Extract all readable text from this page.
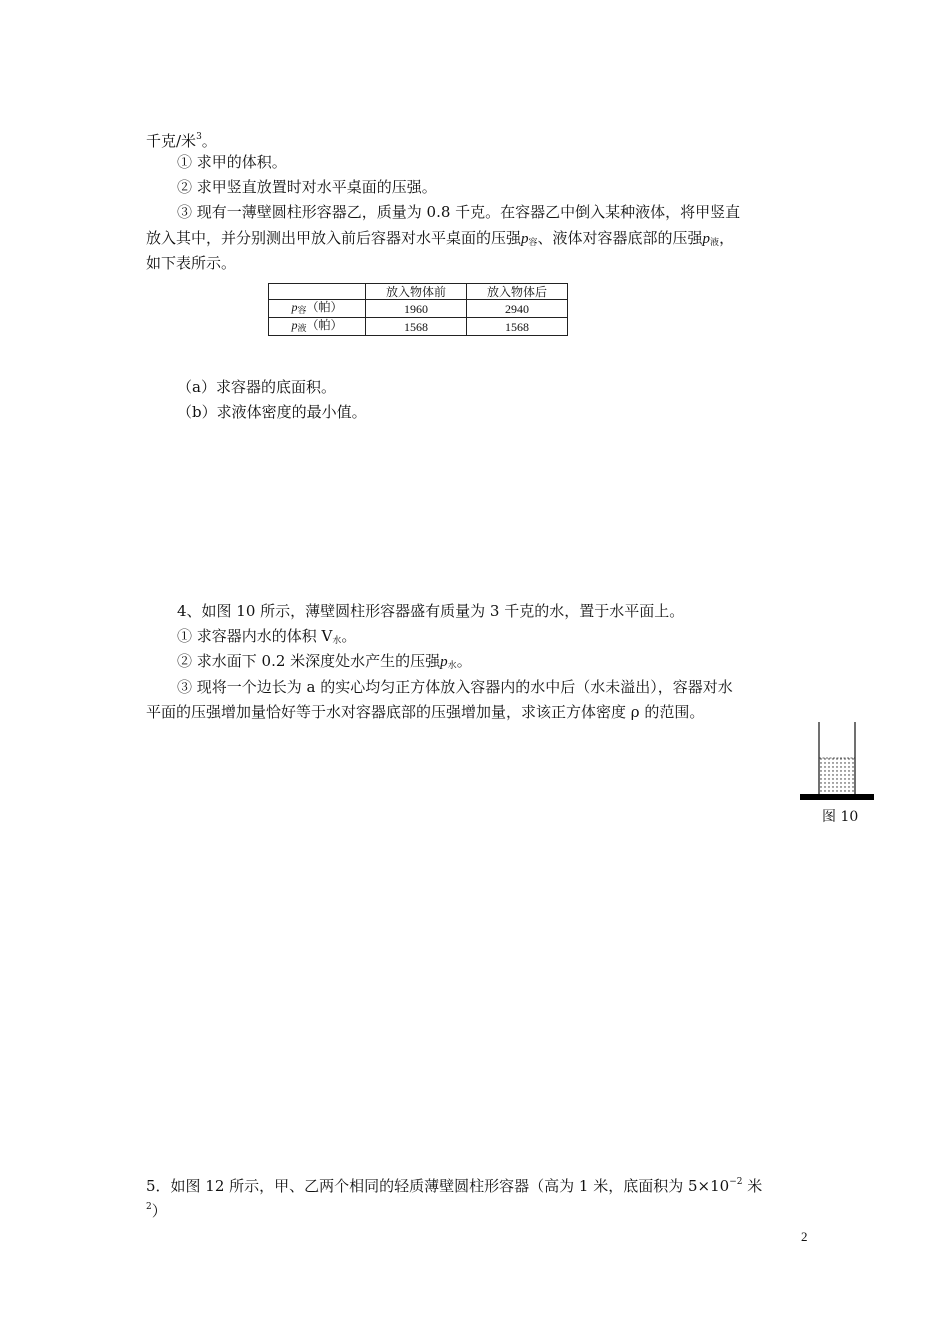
千克/米$^3$。
① 求甲的体积。
② 求甲竖直放置时对水平桌面的压强。
③ 现有一薄壁圆柱形容器乙，质量为 0.8 千克。在容器乙中倒入某种液体，将甲竖直
放入其中，并分别测出甲放入前后容器对水平桌面的压强$p_容$、液体对容器底部的压强$p_液$，
如下表所示。
	放入物体前	放入物体后
$p_容$（帕）	1960	2940
$p_液$（帕）	1568	1568
（a）求容器的底面积。
（b）求液体密度的最小值。
4、如图 10 所示，薄壁圆柱形容器盛有质量为 3 千克的水，置于水平面上。
① 求容器内水的体积 $V_水$。
② 求水面下 0.2 米深度处水产生的压强$p_水$。
③ 现将一个边长为 a 的实心均匀正方体放入容器内的水中后（水未溢出），容器对水
平面的压强增加量恰好等于水对容器底部的压强增加量，求该正方体密度 ρ 的范围。
图 10
5．如图 12 所示，甲、乙两个相同的轻质薄壁圆柱形容器（高为 1 米，底面积为 $5\times 10^{-2}$ 米
$^2$）
2
